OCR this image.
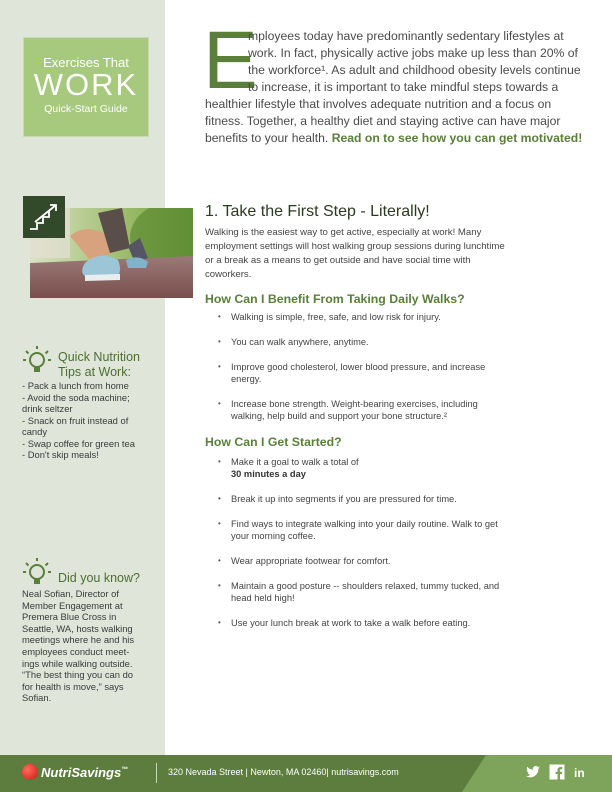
Exercises That
WORK
Quick-Start Guide
E
mployees today have predominantly sedentary lifestyles at
work. In fact, physically active jobs make up less than 20% of
the workforce¹. As adult and childhood obesity levels continue
to increase, it is important to take mindful steps towards a
healthier lifestyle that involves adequate nutrition and a focus on
fitness. Together, a healthy diet and staying active can have major
benefits to your health. Read on to see how you can get motivated!
1. Take the First Step - Literally!
Walking is the easiest way to get active, especially at work! Many
employment settings will host walking group sessions during lunchtime
or a break as a means to get outside and have social time with
coworkers.
How Can I Benefit From Taking Daily Walks?
• Walking is simple, free, safe, and low risk for injury.
• You can walk anywhere, anytime.
• Improve good cholesterol, lower blood pressure, and increase
energy.
• Increase bone strength. Weight-bearing exercises, including
walking, help build and support your bone structure.²
How Can I Get Started?
• Make it a goal to walk a total of
30 minutes a day
• Break it up into segments if you are pressured for time.
• Find ways to integrate walking into your daily routine. Walk to get
your morning coffee.
• Wear appropriate footwear for comfort.
• Maintain a good posture -- shoulders relaxed, tummy tucked, and
head held high!
• Use your lunch break at work to take a walk before eating.
Quick Nutrition
Tips at Work:
- Pack a lunch from home
- Avoid the soda machine;
drink seltzer
- Snack on fruit instead of
candy
- Swap coffee for green tea
- Don't skip meals!
Did you know?
Neal Sofian, Director of
Member Engagement at
Premera Blue Cross in
Seattle, WA, hosts walking
meetings where he and his
employees conduct meet-
ings while walking outside.
“The best thing you can do
for health is move,” says
Sofian.
NutriSavings™	320 Nevada Street | Newton, MA 02460| nutrisavings.com	in
